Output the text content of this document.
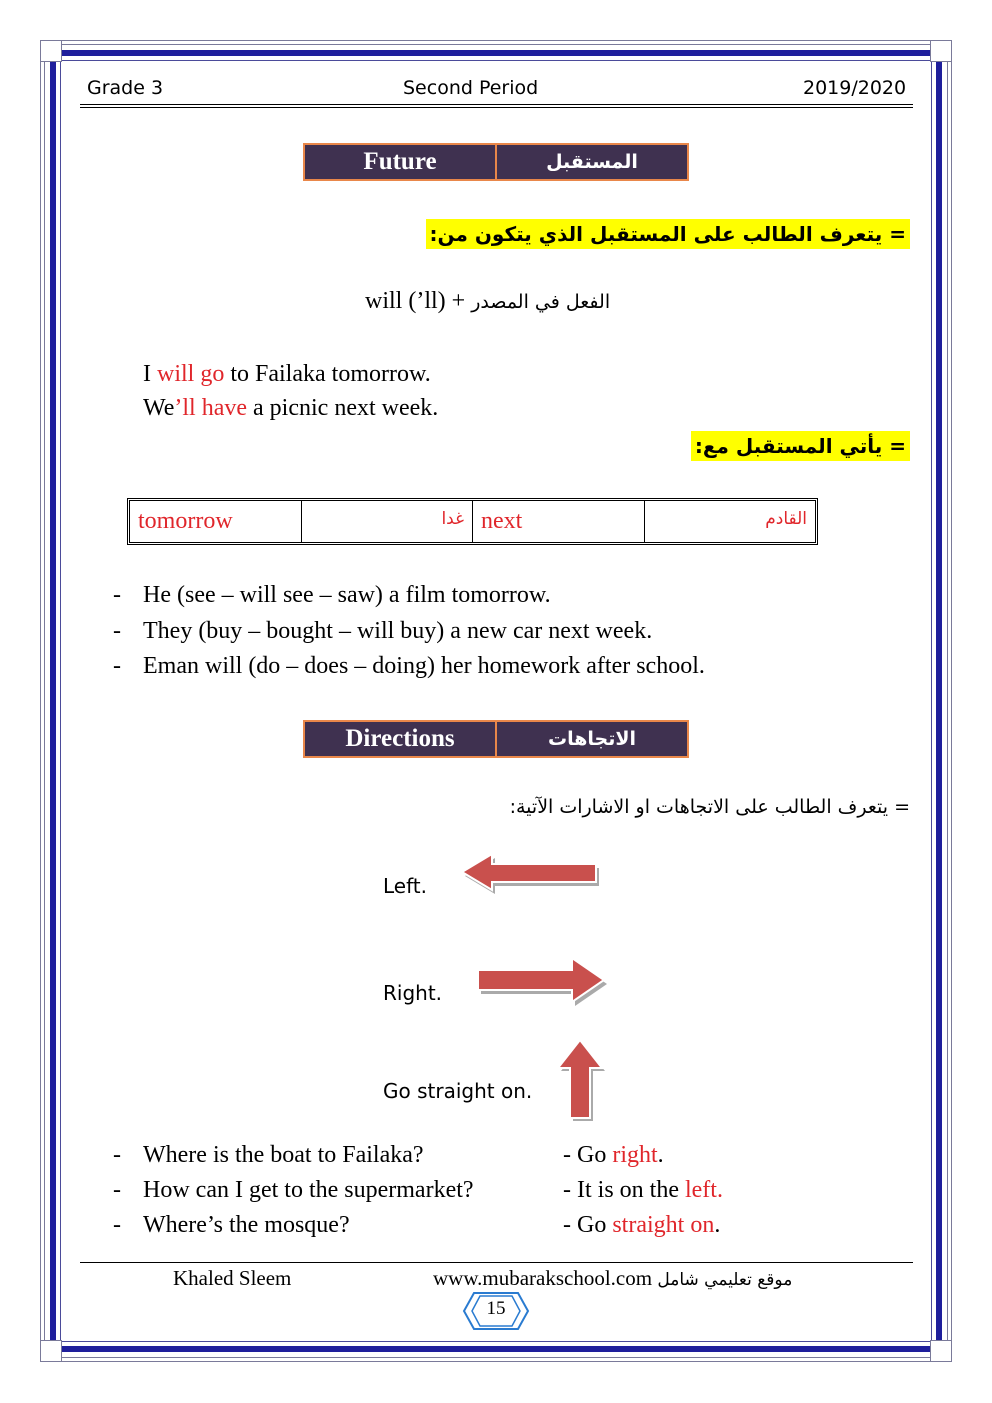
Grade 3	Second Period	2019/2020
Future	المستقبل
= يتعرف الطالب على المستقبل الذي يتكون من:
will (’ll) + الفعل في المصدر
I will go to Failaka tomorrow.
We’ll have a picnic next week.
= يأتي المستقبل مع:
tomorrow	غدا next	القادم
- He (see – will see – saw) a film tomorrow.
- They (buy – bought – will buy) a new car next week.
- Eman will (do – does – doing) her homework after school.
Directions	الاتجاهات
= يتعرف الطالب على الاتجاهات او الاشارات الآتية:
Left.
Right.
Go straight on.
- Where is the boat to Failaka?	- Go right.
- How can I get to the supermarket?	- It is on the left.
- Where’s the mosque?	- Go straight on.
Khaled Sleem	www.mubarakschool.com موقع تعليمي شامل
15
